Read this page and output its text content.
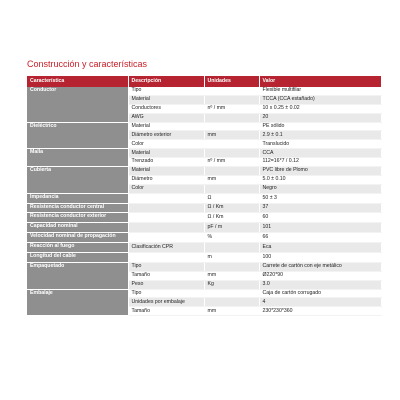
Construcción y características
Característica	Descripción	Unidades	Valor
Conductor	Tipo		Flexible multifilar
	Material		TCCA (CCA estañado)
	Conductores	nº / mm	10 x 0.25 ± 0.02
	AWG		20
Dieléctrico	Material		PE sólido
	Diámetro exterior	mm	2.9 ± 0.1
	Color		Translucido
Malla	Material		CCA
	Trenzado	nº / mm	112=16*7 / 0.12
Cubierta	Material		PVC libre de Plomo
	Diámetro	mm	5.0 ± 0.10
	Color		Negro
Impedancia		Ω	50 ± 3
Resistencia conductor central		Ω / Km	37
Resistencia conductor exterior		Ω / Km	60
Capacidad nominal		pF / m	101
Velocidad nominal de propagación		%	66
Reacción al fuego	Clasificación CPR		Eca
Longitud del cable		m	100
Empaquetado	Tipo		Carrete de cartón con eje metálico
	Tamaño	mm	Ø220*90
	Peso	Kg	3.0
Embalaje	Tipo		Caja de cartón corrugado
	Unidades por embalaje		4
	Tamaño	mm	230*230*360
